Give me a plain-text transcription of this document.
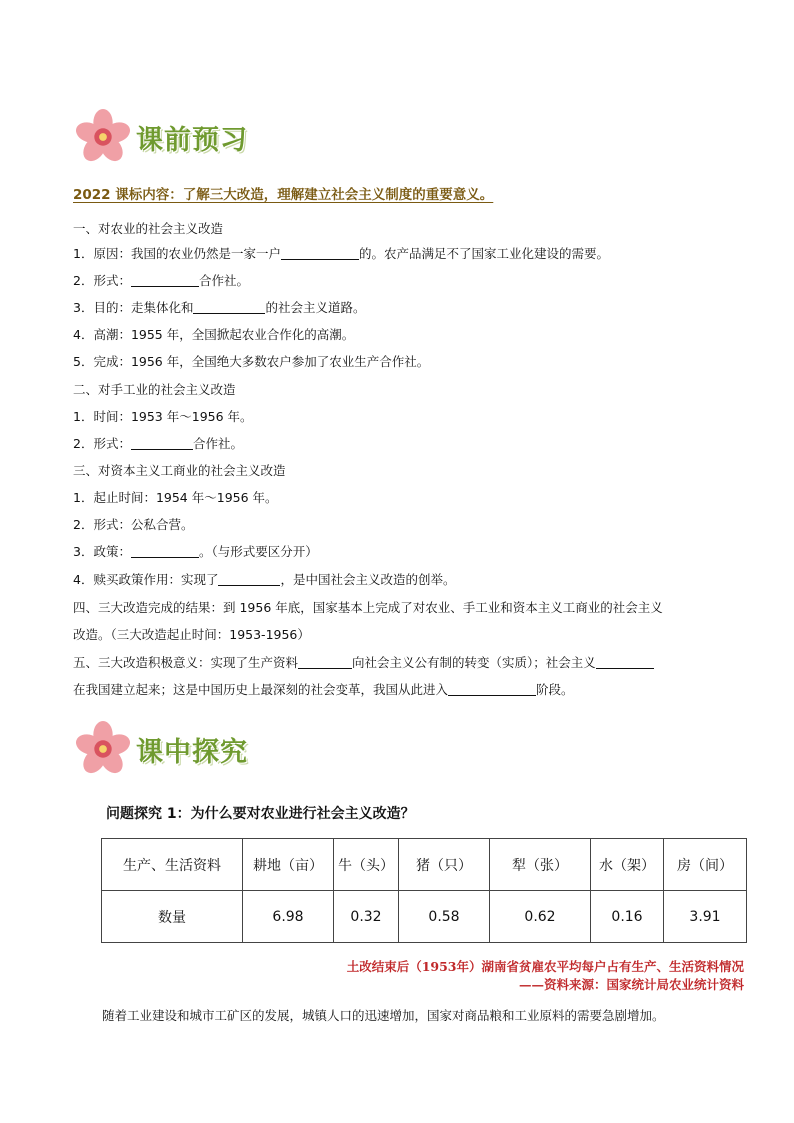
课前预习
2022 课标内容：了解三大改造，理解建立社会主义制度的重要意义。
一、对农业的社会主义改造
1．原因：我国的农业仍然是一家一户	的。农产品满足不了国家工业化建设的需要。
2．形式：	合作社。
3．目的：走集体化和	的社会主义道路。
4．高潮：1955 年，全国掀起农业合作化的高潮。
5．完成：1956 年，全国绝大多数农户参加了农业生产合作社。
二、对手工业的社会主义改造
1．时间：1953 年～1956 年。
2．形式：	合作社。
三、对资本主义工商业的社会主义改造
1．起止时间：1954 年～1956 年。
2．形式：公私合营。
3．政策：	。（与形式要区分开）
4．赎买政策作用：实现了	，是中国社会主义改造的创举。
四、三大改造完成的结果：到 1956 年底，国家基本上完成了对农业、手工业和资本主义工商业的社会主义
改造。（三大改造起止时间：1953-1956）
五、三大改造积极意义：实现了生产资料	向社会主义公有制的转变（实质）；社会主义
在我国建立起来；这是中国历史上最深刻的社会变革，我国从此进入	阶段。
课中探究
问题探究 1：为什么要对农业进行社会主义改造？
生产、生活资料	耕地（亩）	牛（头）	猪（只）	犁（张）	水（架）	房（间）
数量	6.98	0.32	0.58	0.62	0.16	3.91
土改结束后（1953年）湖南省贫雇农平均每户占有生产、生活资料情况
——资料来源：国家统计局农业统计资料
随着工业建设和城市工矿区的发展，城镇人口的迅速增加，国家对商品粮和工业原料的需要急剧增加。
